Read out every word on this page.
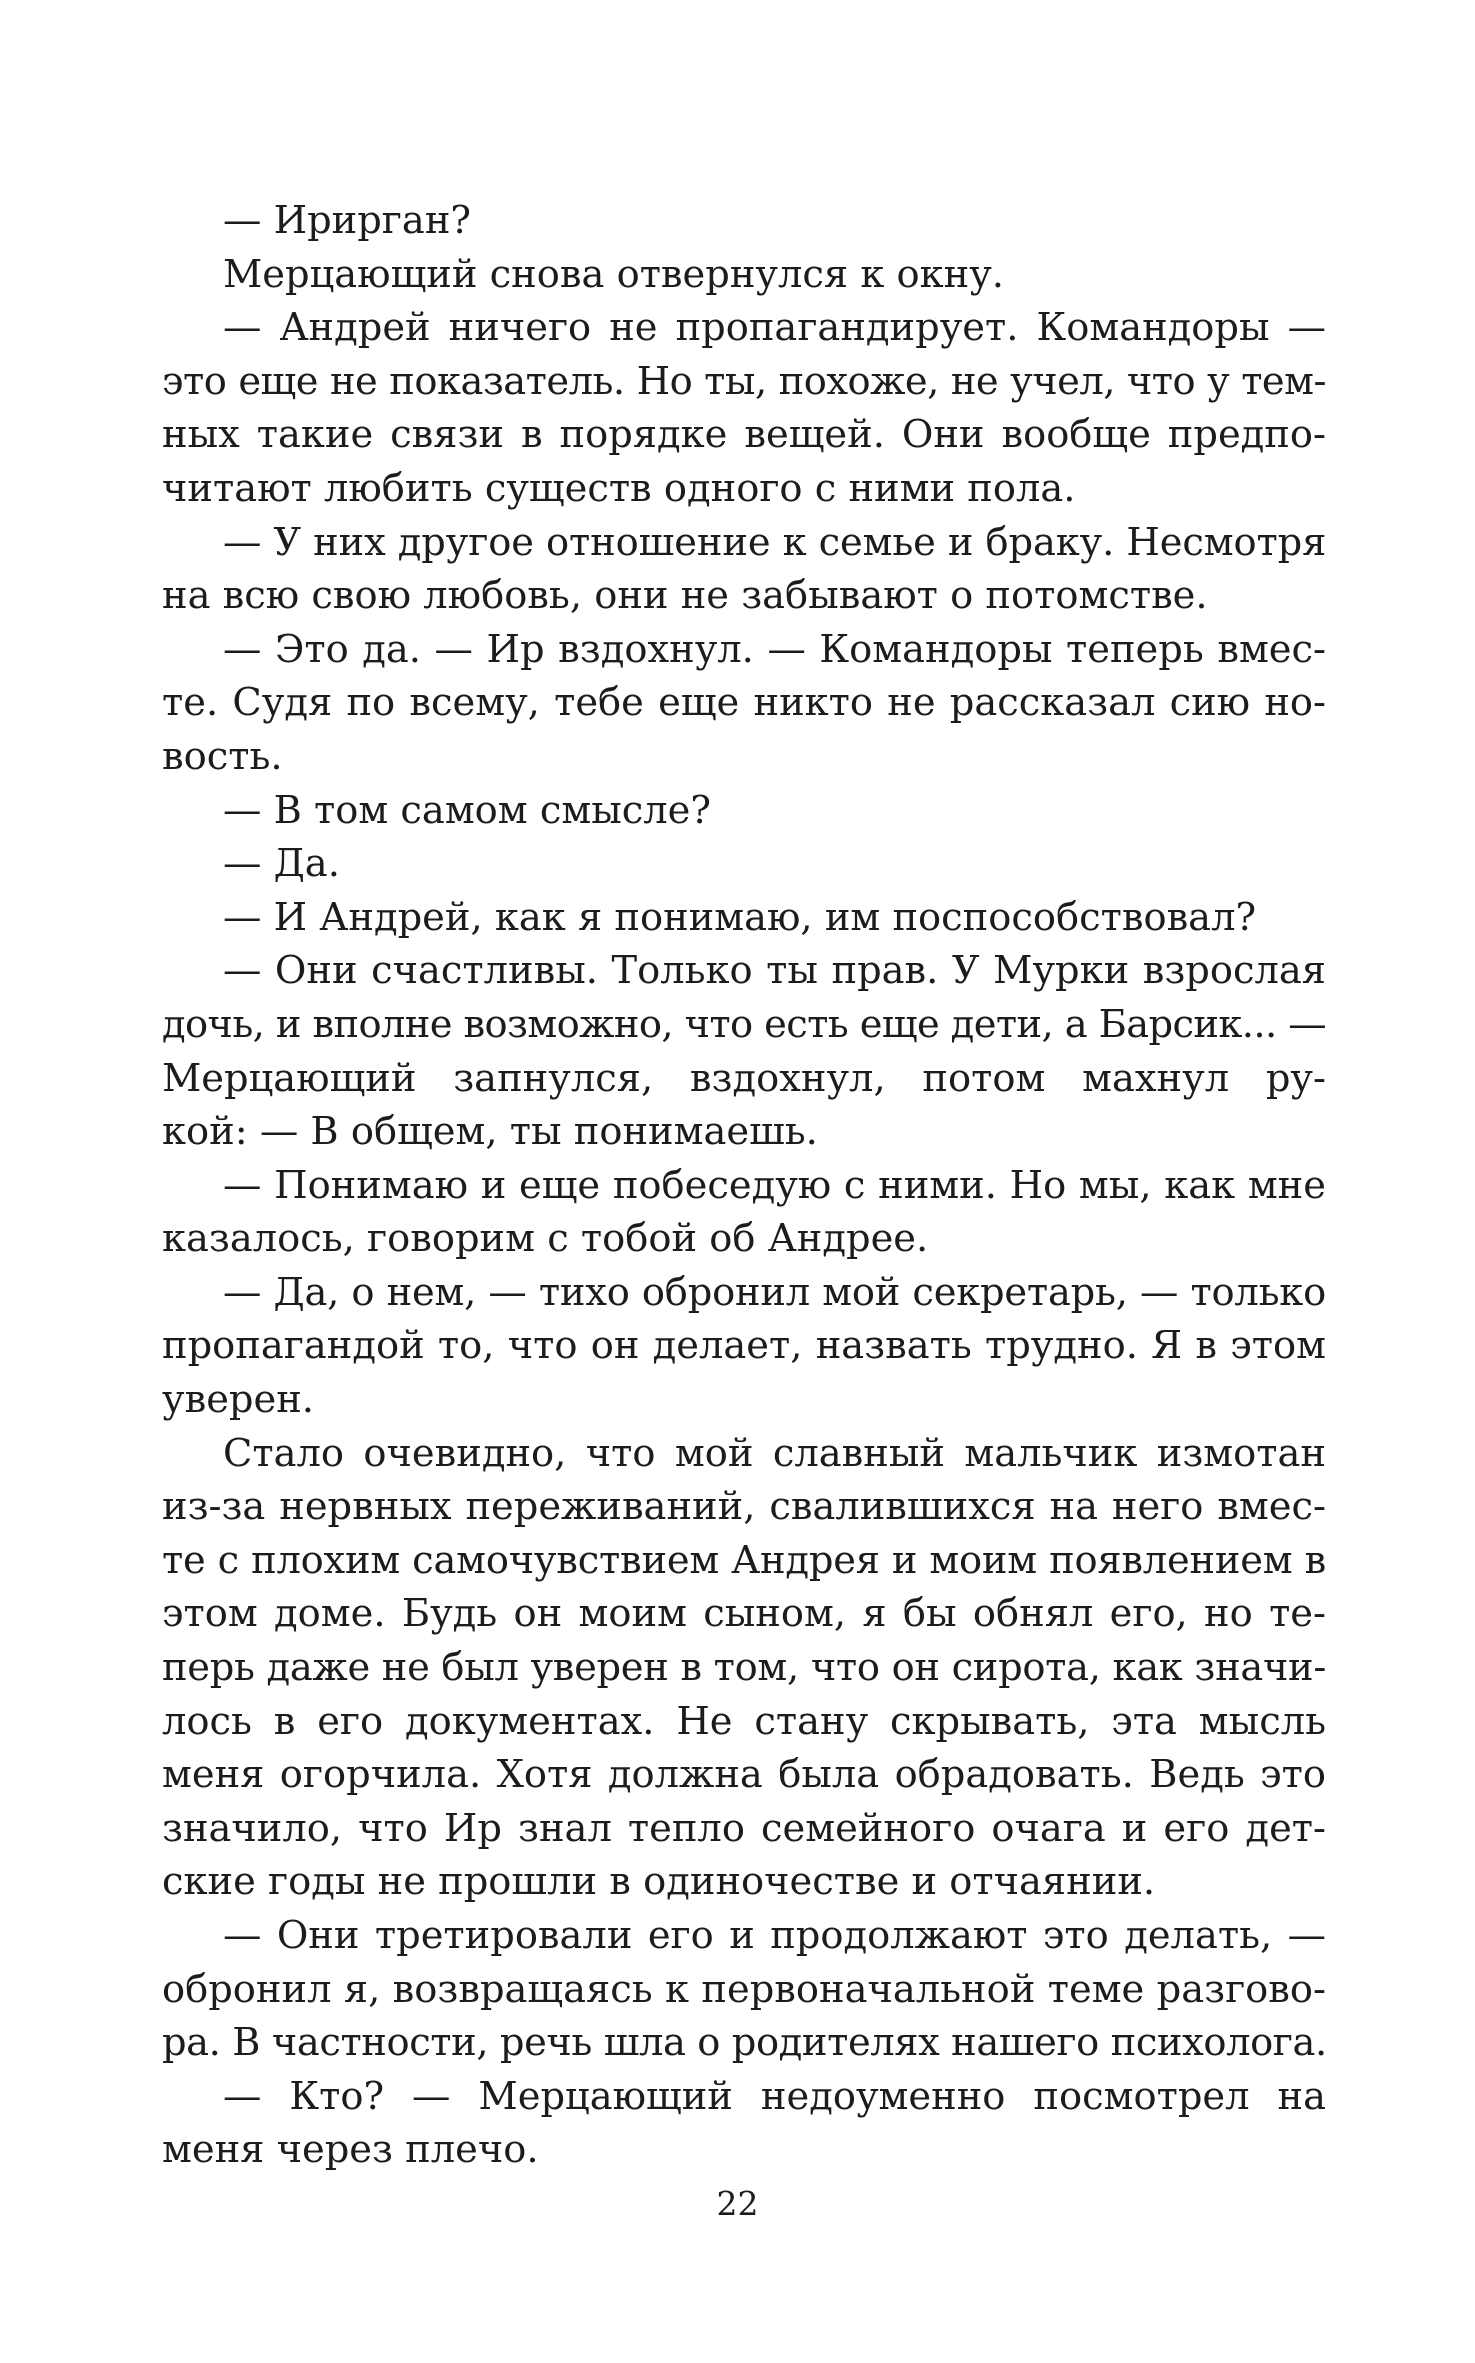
— Ирирган?
Мерцающий снова отвернулся к окну.
— Андрей ничего не пропагандирует. Командоры —
это еще не показатель. Но ты, похоже, не учел, что у тем-
ных такие связи в порядке вещей. Они вообще предпо-
читают любить существ одного с ними пола.
— У них другое отношение к семье и браку. Несмотря
на всю свою любовь, они не забывают о потомстве.
— Это да. — Ир вздохнул. — Командоры теперь вмес-
те. Судя по всему, тебе еще никто не рассказал сию но-
вость.
— В том самом смысле?
— Да.
— И Андрей, как я понимаю, им поспособствовал?
— Они счастливы. Только ты прав. У Мурки взрослая
дочь, и вполне возможно, что есть еще дети, а Барсик... —
Мерцающий запнулся, вздохнул, потом махнул ру-
кой: — В общем, ты понимаешь.
— Понимаю и еще побеседую с ними. Но мы, как мне
казалось, говорим с тобой об Андрее.
— Да, о нем, — тихо обронил мой секретарь, — только
пропагандой то, что он делает, назвать трудно. Я в этом
уверен.
Стало очевидно, что мой славный мальчик измотан
из-за нервных переживаний, свалившихся на него вмес-
те с плохим самочувствием Андрея и моим появлением в
этом доме. Будь он моим сыном, я бы обнял его, но те-
перь даже не был уверен в том, что он сирота, как значи-
лось в его документах. Не стану скрывать, эта мысль
меня огорчила. Хотя должна была обрадовать. Ведь это
значило, что Ир знал тепло семейного очага и его дет-
ские годы не прошли в одиночестве и отчаянии.
— Они третировали его и продолжают это делать, —
обронил я, возвращаясь к первоначальной теме разгово-
ра. В частности, речь шла о родителях нашего психолога.
— Кто? — Мерцающий недоуменно посмотрел на
меня через плечо.
22
